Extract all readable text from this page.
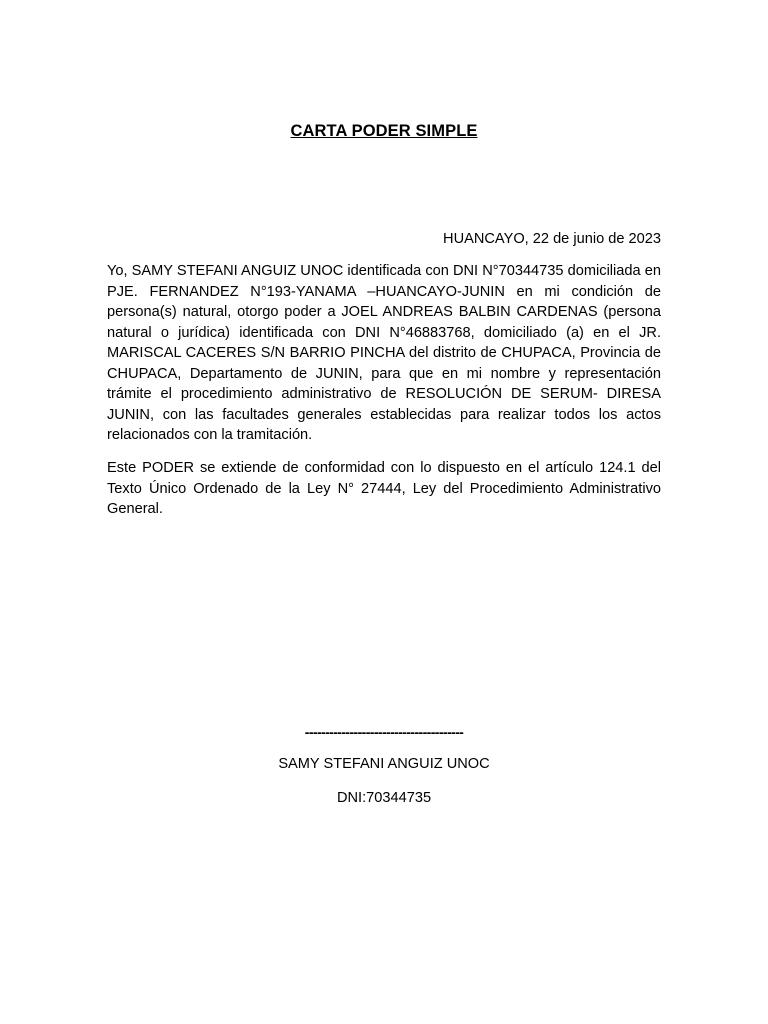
CARTA PODER SIMPLE
HUANCAYO, 22 de junio de 2023

Yo, SAMY STEFANI ANGUIZ UNOC identificada con DNI N°70344735 domiciliada en PJE. FERNANDEZ N°193-YANAMA –HUANCAYO-JUNIN en mi condición de persona(s) natural, otorgo poder a JOEL ANDREAS BALBIN CARDENAS (persona natural o jurídica) identificada con DNI N°46883768, domiciliado (a) en el JR. MARISCAL CACERES S/N BARRIO PINCHA del distrito de CHUPACA, Provincia de CHUPACA, Departamento de JUNIN, para que en mi nombre y representación trámite el procedimiento administrativo de RESOLUCIÓN DE SERUM- DIRESA JUNIN, con las facultades generales establecidas para realizar todos los actos relacionados con la tramitación.

Este PODER se extiende de conformidad con lo dispuesto en el artículo 124.1 del Texto Único Ordenado de la Ley N° 27444, Ley del Procedimiento Administrativo General.

---------------------------------------
SAMY STEFANI ANGUIZ UNOC
DNI:70344735
